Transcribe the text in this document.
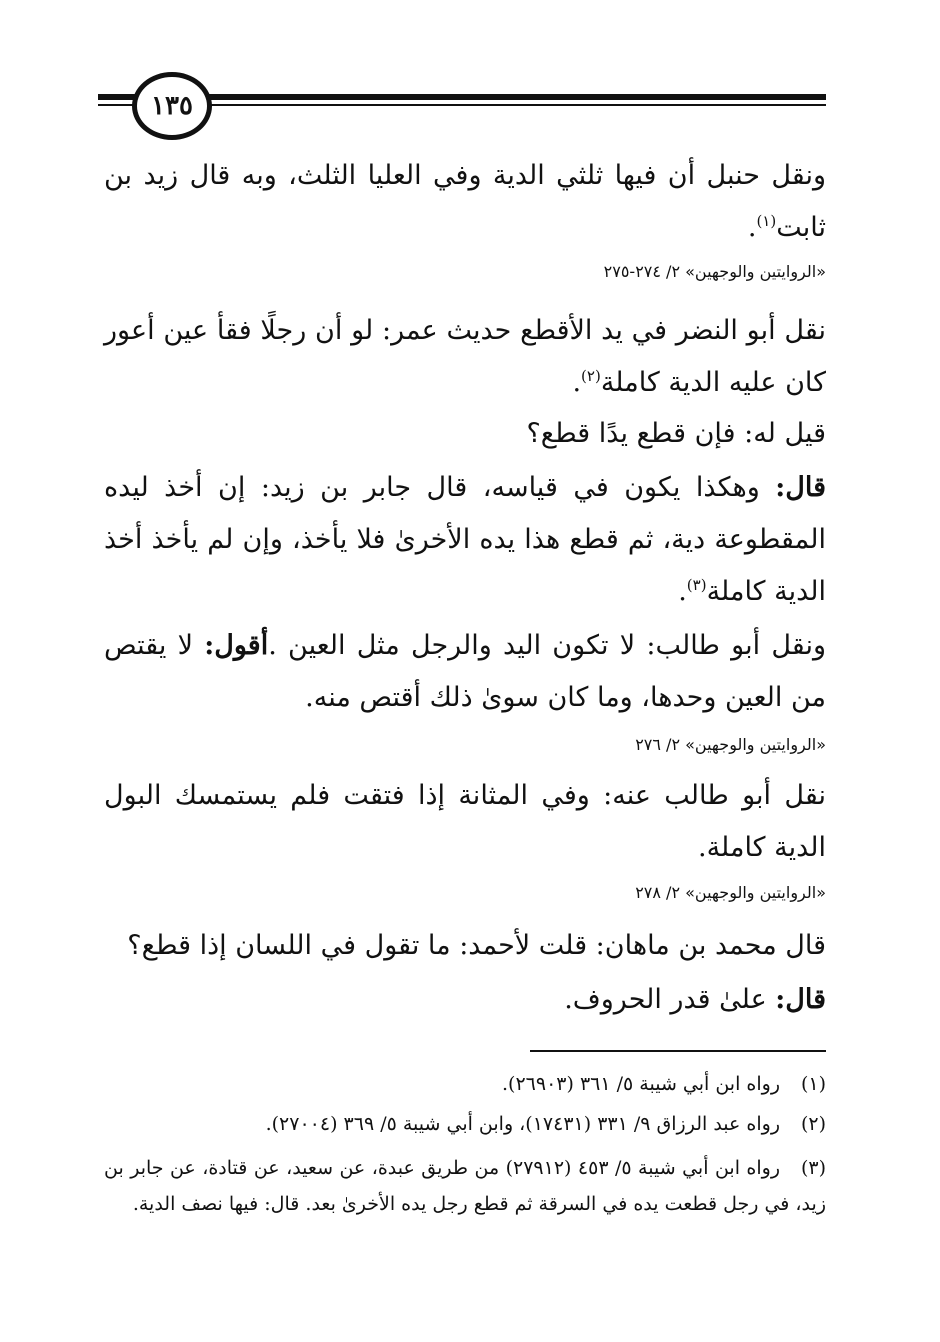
١٣٥
ونقل حنبل أن فيها ثلثي الدية وفي العليا الثلث، وبه قال زيد بن ثابت$^{(١)}$.
«الروايتين والوجهين» ٢/ ٢٧٤-٢٧٥
نقل أبو النضر في يد الأقطع حديث عمر: لو أن رجلًا فقأ عين أعور كان عليه الدية كاملة$^{(٢)}$.
قيل له: فإن قطع يدًا قطع؟
قال: وهكذا يكون في قياسه، قال جابر بن زيد: إن أخذ ليده المقطوعة دية، ثم قطع هذا يده الأخرىٰ فلا يأخذ، وإن لم يأخذ أخذ الدية كاملة$^{(٣)}$.
ونقل أبو طالب: لا تكون اليد والرجل مثل العين .أقول: لا يقتص من العين وحدها، وما كان سوىٰ ذلك أقتص منه.
«الروايتين والوجهين» ٢/ ٢٧٦
نقل أبو طالب عنه: وفي المثانة إذا فتقت فلم يستمسك البول الدية كاملة.
«الروايتين والوجهين» ٢/ ٢٧٨
قال محمد بن ماهان: قلت لأحمد: ما تقول في اللسان إذا قطع؟
قال: علىٰ قدر الحروف.
(١)رواه ابن أبي شيبة ٥/ ٣٦١ (٢٦٩٠٣).
(٢)رواه عبد الرزاق ٩/ ٣٣١ (١٧٤٣١)، وابن أبي شيبة ٥/ ٣٦٩ (٢٧٠٠٤).
(٣)رواه ابن أبي شيبة ٥/ ٤٥٣ (٢٧٩١٢) من طريق عبدة، عن سعيد، عن قتادة، عن جابر بن زيد، في رجل قطعت يده في السرقة ثم قطع رجل يده الأخرىٰ بعد. قال: فيها نصف الدية.
